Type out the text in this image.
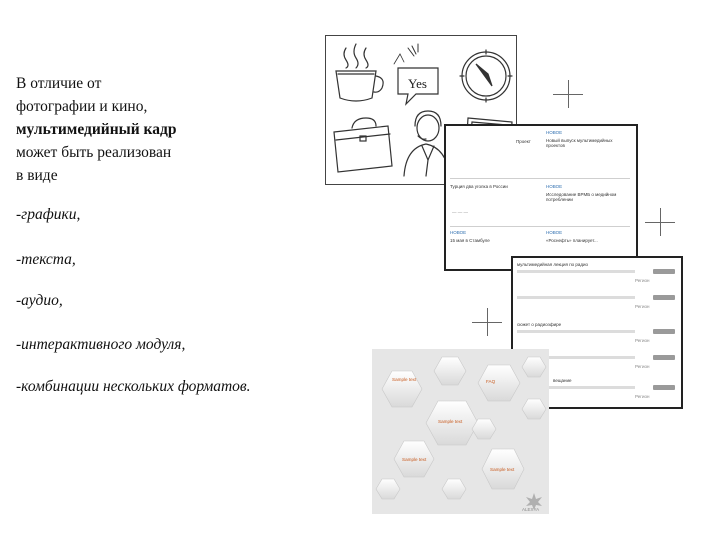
В отличие от

фотографии и кино,

мультимедийный кадр

может быть реализован

в виде

-графики,
-текста,
-аудио,
-интерактивного модуля,
-комбинации нескольких форматов.
Yes
НОВОЕ
Новый выпуск мультимедийных проектов
Проект
Турция два уголка в России
— — —
НОВОЕ
Исследование ВРМБ о медийном потреблении
НОВОЕ
15 мая в Стамбуле
НОВОЕ
«Роснефть» планирует...
мультимедийная лекция по радио
Регион
Регион
сюжет о радиоэфире
Регион
Регион
вещание
Регион
Sample text	FAQ
Sample text
Sample text
Sample text
ALEXYA
